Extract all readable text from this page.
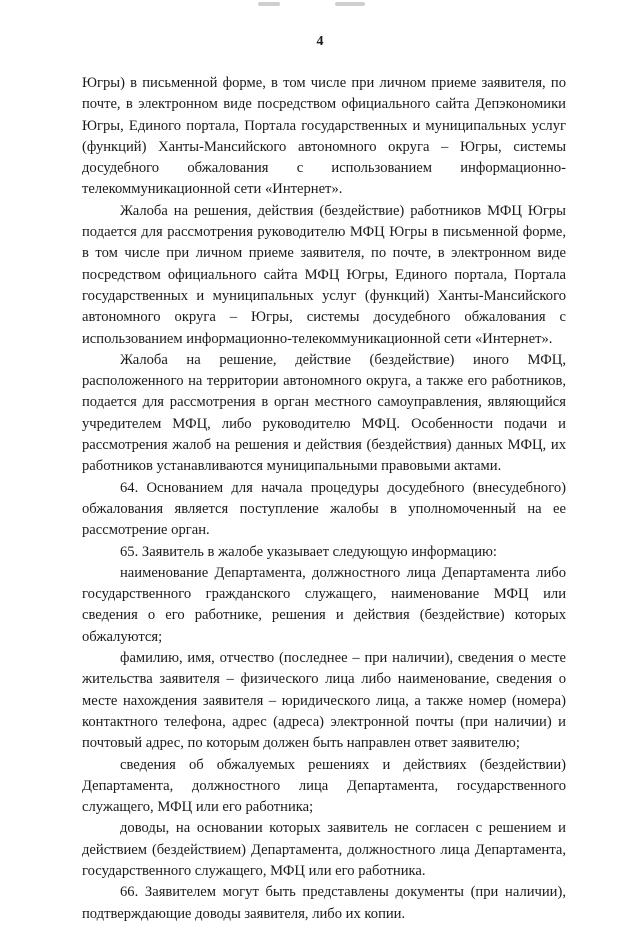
4

Югры) в письменной форме, в том числе при личном приеме заявителя, по почте, в электронном виде посредством официального сайта Депэкономики Югры, Единого портала, Портала государственных и муниципальных услуг (функций) Ханты-Мансийского автономного округа – Югры, системы досудебного обжалования с использованием информационно-телекоммуникационной сети «Интернет».

Жалоба на решения, действия (бездействие) работников МФЦ Югры подается для рассмотрения руководителю МФЦ Югры в письменной форме, в том числе при личном приеме заявителя, по почте, в электронном виде посредством официального сайта МФЦ Югры, Единого портала, Портала государственных и муниципальных услуг (функций) Ханты-Мансийского автономного округа – Югры, системы досудебного обжалования с использованием информационно-телекоммуникационной сети «Интернет».

Жалоба на решение, действие (бездействие) иного МФЦ, расположенного на территории автономного округа, а также его работников, подается для рассмотрения в орган местного самоуправления, являющийся учредителем МФЦ, либо руководителю МФЦ. Особенности подачи и рассмотрения жалоб на решения и действия (бездействия) данных МФЦ, их работников устанавливаются муниципальными правовыми актами.

64. Основанием для начала процедуры досудебного (внесудебного) обжалования является поступление жалобы в уполномоченный на ее рассмотрение орган.

65. Заявитель в жалобе указывает следующую информацию:

наименование Департамента, должностного лица Департамента либо государственного гражданского служащего, наименование МФЦ или сведения о его работнике, решения и действия (бездействие) которых обжалуются;

фамилию, имя, отчество (последнее – при наличии), сведения о месте жительства заявителя – физического лица либо наименование, сведения о месте нахождения заявителя – юридического лица, а также номер (номера) контактного телефона, адрес (адреса) электронной почты (при наличии) и почтовый адрес, по которым должен быть направлен ответ заявителю;

сведения об обжалуемых решениях и действиях (бездействии) Департамента, должностного лица Департамента, государственного служащего, МФЦ или его работника;

доводы, на основании которых заявитель не согласен с решением и действием (бездействием) Департамента, должностного лица Департамента, государственного служащего, МФЦ или его работника.

66. Заявителем могут быть представлены документы (при наличии), подтверждающие доводы заявителя, либо их копии.
